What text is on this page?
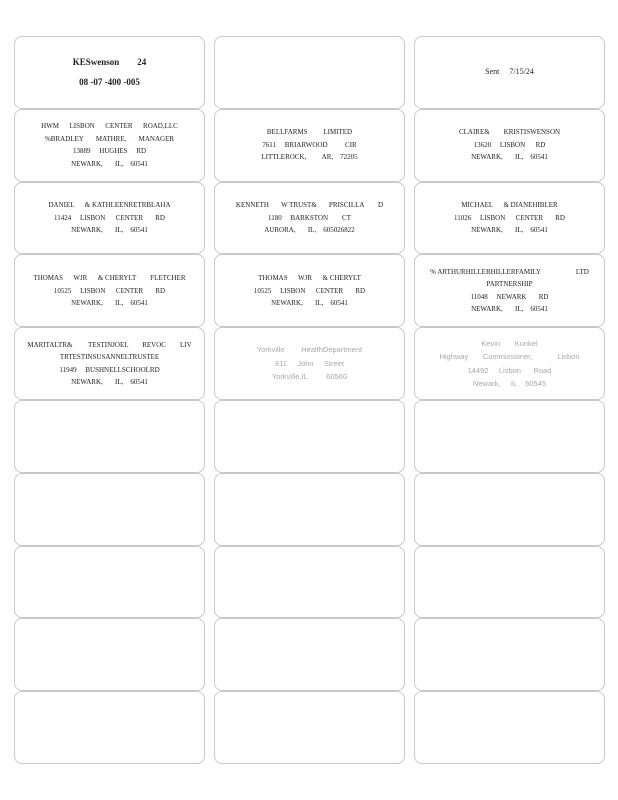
KESwenson        24
08 -07 -400 -005
Sent     7/15/24
HWM      LISBON      CENTER      ROAD,LLC
%BRADLEY       MATHRE,       MANAGER
13889     HUGHES     RD
NEWARK,       IL,    60541
BELLFARMS         LIMITED
7611     BRIARWOOD          CIR
LITTLEROCK,         AR,    72205
CLAIRE&        KRISTISWENSON
13620     LISBON      RD
NEWARK,       IL,    60541
DANIEL      & KATHLEENRETRBLAHA
11424     LISBON      CENTER       RD
NEWARK,       IL,    60541
KENNETH       W TRUST&       PRISCILLA        D
1180     BARKSTON        CT
AURORA,       IL,    605026822
MICHAEL      & DIANEHIBLER
11026     LISBON      CENTER       RD
NEWARK,       IL,    60541
THOMAS      WJR      & CHERYLT        FLETCHER
10525     LISBON      CENTER       RD
NEWARK,       IL,    60541
THOMAS      WJR      & CHERYLT
10525     LISBON      CENTER       RD
NEWARK,       IL,    60541
% ARTHURHILLERHILLERFAMILY                    LTD
PARTNERSHIP
11048     NEWARK       RD
NEWARK,       IL,    60541
MARITALTR&         TESTINJOEL        REVOC        LIV
TRTESTINSUSANNELTRUSTEE
11949     BUSHNELLSCHOOLRD
NEWARK,       IL,    60541
Yorkville        HealthDepartment
811     John     Street
Yorkville,IL         60560
Kevin       Kunkel
Highway       Commissioner,            Lisbon
14492     Lisbon      Road
Newark,     IL    60545
